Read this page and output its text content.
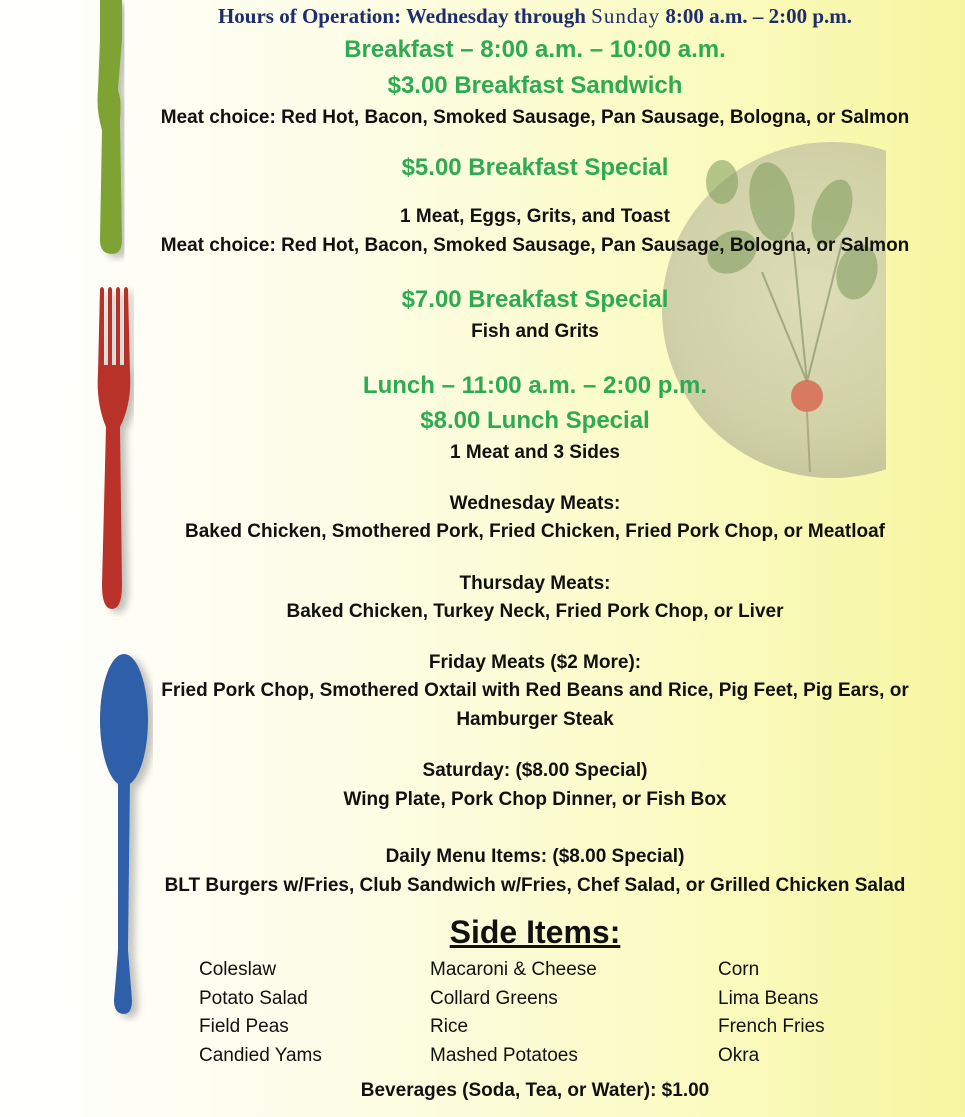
Hours of Operation: Wednesday through Sunday 8:00 a.m. – 2:00 p.m.
Breakfast – 8:00 a.m. – 10:00 a.m.
$3.00 Breakfast Sandwich
Meat choice: Red Hot, Bacon, Smoked Sausage, Pan Sausage, Bologna, or Salmon
$5.00 Breakfast Special
1 Meat, Eggs, Grits, and Toast
Meat choice: Red Hot, Bacon, Smoked Sausage, Pan Sausage, Bologna, or Salmon
$7.00 Breakfast Special
Fish and Grits
Lunch – 11:00 a.m. – 2:00 p.m.
$8.00 Lunch Special
1 Meat and 3 Sides
Wednesday Meats:
Baked Chicken, Smothered Pork, Fried Chicken, Fried Pork Chop, or Meatloaf
Thursday Meats:
Baked Chicken, Turkey Neck, Fried Pork Chop, or Liver
Friday Meats ($2 More):
Fried Pork Chop, Smothered Oxtail with Red Beans and Rice, Pig Feet, Pig Ears, or
Hamburger Steak
Saturday: ($8.00 Special)
Wing Plate, Pork Chop Dinner, or Fish Box
Daily Menu Items: ($8.00 Special)
BLT Burgers w/Fries, Club Sandwich w/Fries, Chef Salad, or Grilled Chicken Salad
Side Items:
Coleslaw
Potato Salad
Field Peas
Candied Yams
Macaroni & Cheese
Collard Greens
Rice
Mashed Potatoes
Corn
Lima Beans
French Fries
Okra
Beverages (Soda, Tea, or Water): $1.00
